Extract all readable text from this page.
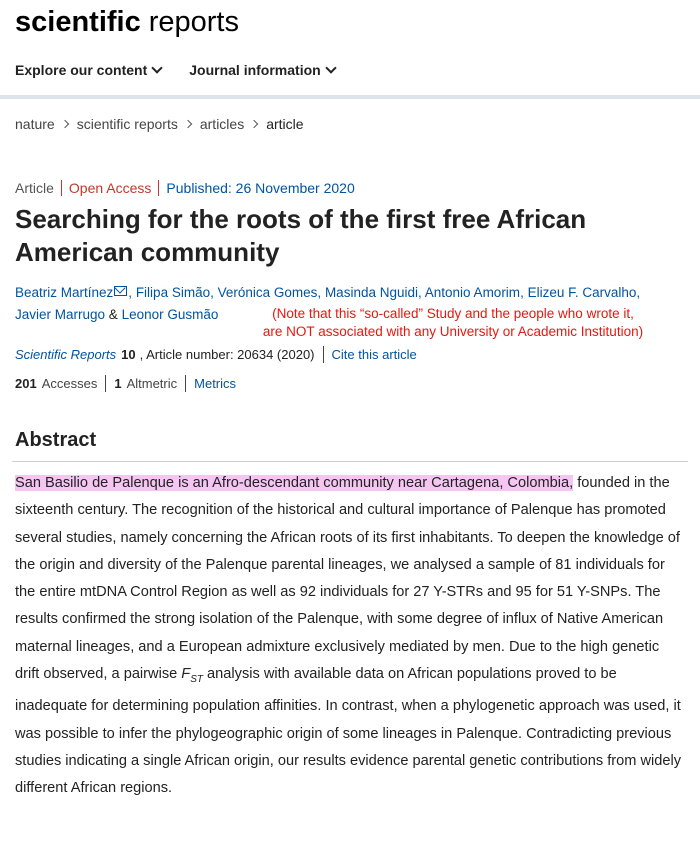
scientific reports
Explore our content	Journal information
nature scientific reports articles article
Article Open Access Published: 26 November 2020
Searching for the roots of the first free African American community
Beatriz Martínez , Filipa Simão, Verónica Gomes, Masinda Nguidi, Antonio Amorim, Elizeu F. Carvalho,
Javier Marrugo & Leonor Gusmão	(Note that this “so-called” Study and the people who wrote it,
are NOT associated with any University or Academic Institution)
Scientific Reports 10 , Article number: 20634 (2020) Cite this article
201 Accesses 1 Altmetric Metrics
Abstract
San Basilio de Palenque is an Afro-descendant community near Cartagena, Colombia, founded in the sixteenth century. The recognition of the historical and cultural importance of Palenque has promoted several studies, namely concerning the African roots of its first inhabitants. To deepen the knowledge of the origin and diversity of the Palenque parental lineages, we analysed a sample of 81 individuals for the entire mtDNA Control Region as well as 92 individuals for 27 Y-STRs and 95 for 51 Y-SNPs. The results confirmed the strong isolation of the Palenque, with some degree of influx of Native American maternal lineages, and a European admixture exclusively mediated by men. Due to the high genetic drift observed, a pairwise $F_{ST}$ analysis with available data on African populations proved to be inadequate for determining population affinities. In contrast, when a phylogenetic approach was used, it was possible to infer the phylogeographic origin of some lineages in Palenque. Contradicting previous studies indicating a single African origin, our results evidence parental genetic contributions from widely different African regions.
